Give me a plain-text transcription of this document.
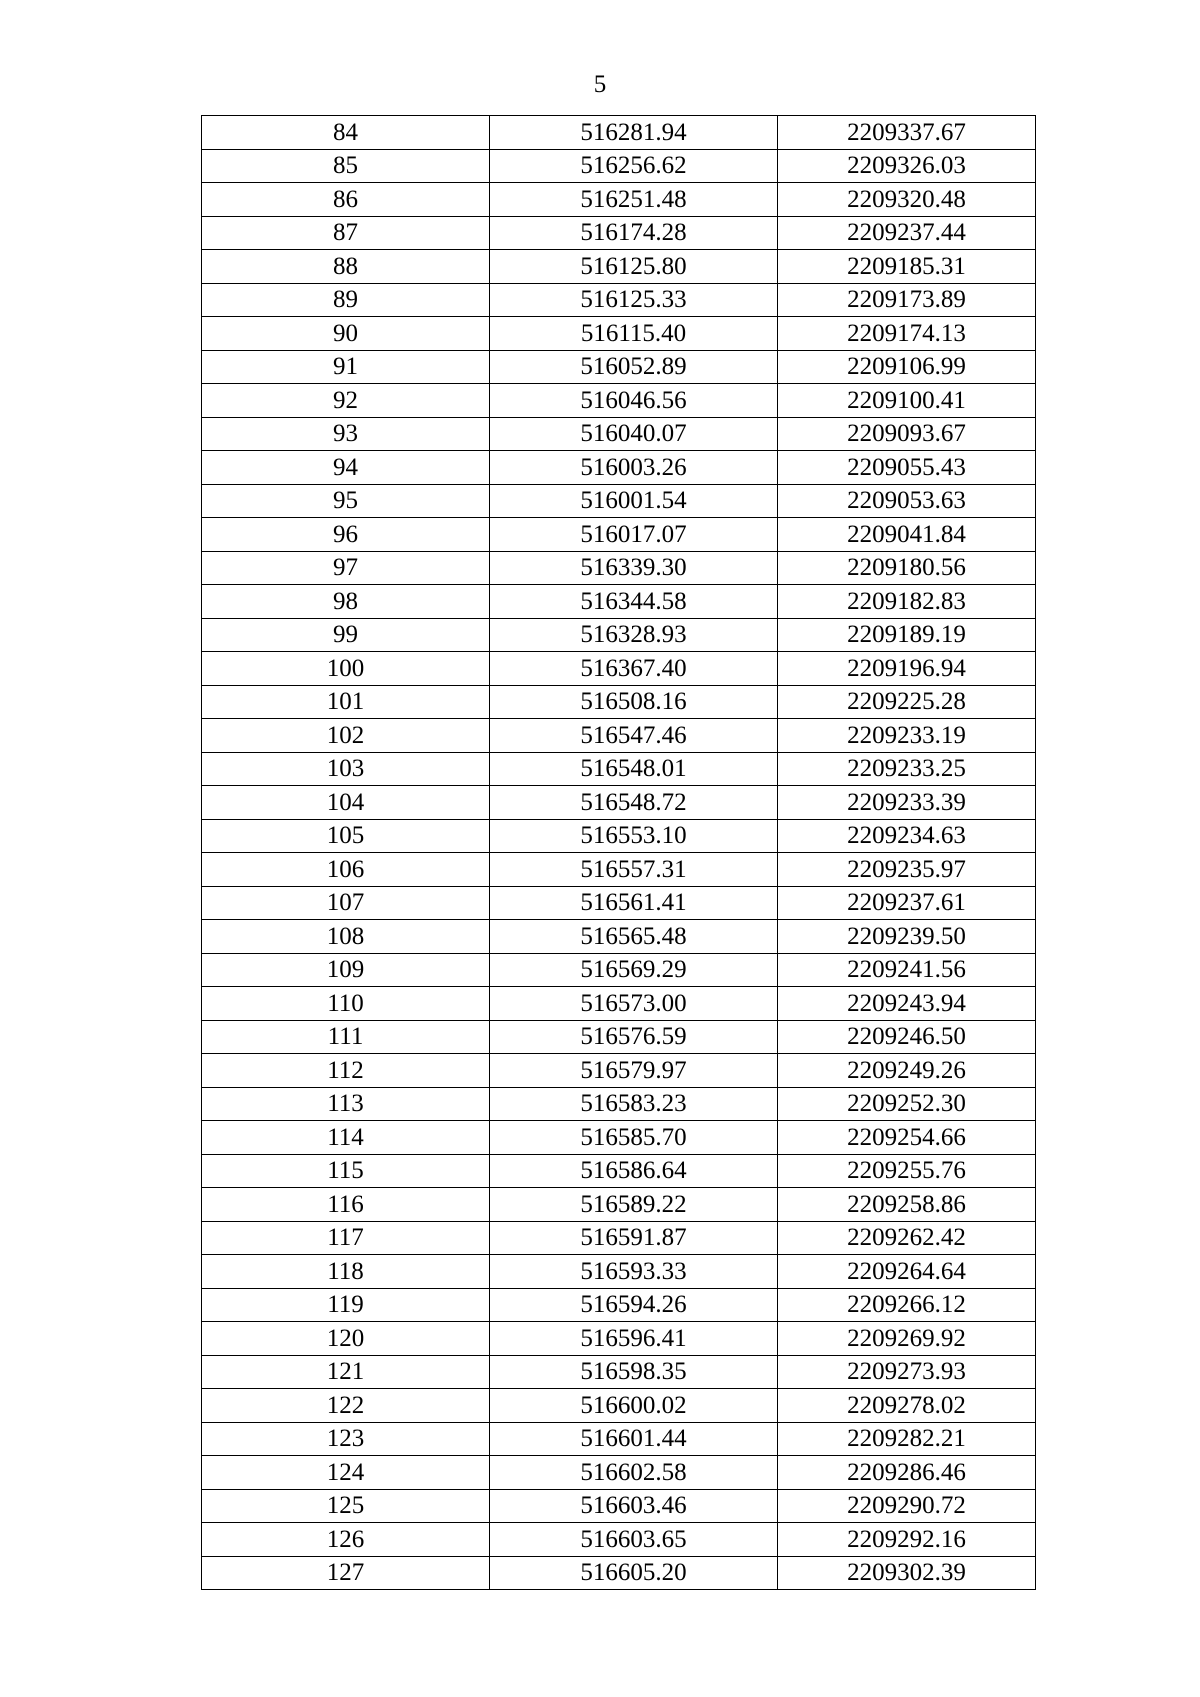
5
84	516281.94	2209337.67
85	516256.62	2209326.03
86	516251.48	2209320.48
87	516174.28	2209237.44
88	516125.80	2209185.31
89	516125.33	2209173.89
90	516115.40	2209174.13
91	516052.89	2209106.99
92	516046.56	2209100.41
93	516040.07	2209093.67
94	516003.26	2209055.43
95	516001.54	2209053.63
96	516017.07	2209041.84
97	516339.30	2209180.56
98	516344.58	2209182.83
99	516328.93	2209189.19
100	516367.40	2209196.94
101	516508.16	2209225.28
102	516547.46	2209233.19
103	516548.01	2209233.25
104	516548.72	2209233.39
105	516553.10	2209234.63
106	516557.31	2209235.97
107	516561.41	2209237.61
108	516565.48	2209239.50
109	516569.29	2209241.56
110	516573.00	2209243.94
111	516576.59	2209246.50
112	516579.97	2209249.26
113	516583.23	2209252.30
114	516585.70	2209254.66
115	516586.64	2209255.76
116	516589.22	2209258.86
117	516591.87	2209262.42
118	516593.33	2209264.64
119	516594.26	2209266.12
120	516596.41	2209269.92
121	516598.35	2209273.93
122	516600.02	2209278.02
123	516601.44	2209282.21
124	516602.58	2209286.46
125	516603.46	2209290.72
126	516603.65	2209292.16
127	516605.20	2209302.39
